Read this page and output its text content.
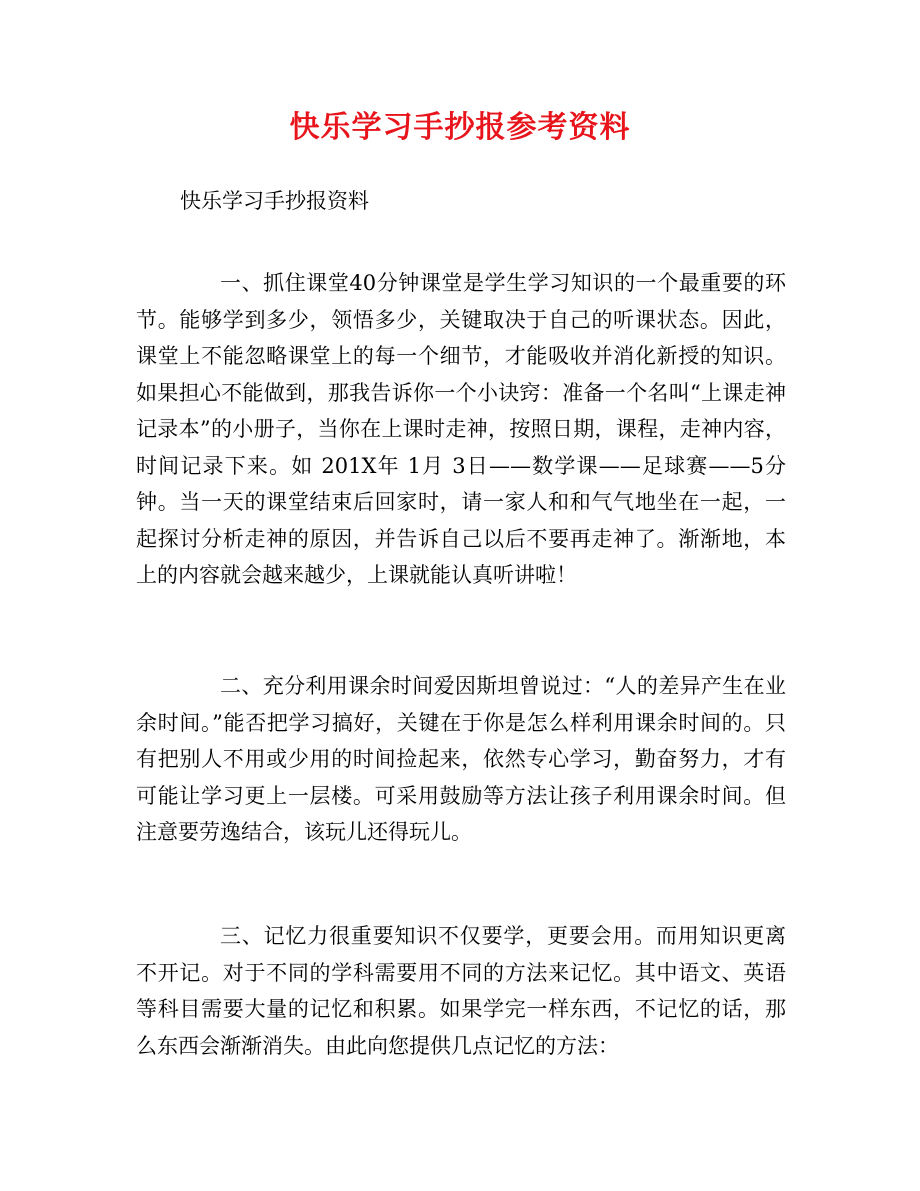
快乐学习手抄报参考资料
快乐学习手抄报资料
一、抓住课堂40分钟课堂是学生学习知识的一个最重要的环节。能够学到多少，领悟多少，关键取决于自己的听课状态。因此，课堂上不能忽略课堂上的每一个细节，才能吸收并消化新授的知识。如果担心不能做到，那我告诉你一个小诀窍：准备一个名叫“上课走神记录本”的小册子，当你在上课时走神，按照日期，课程，走神内容，时间记录下来。如 201X年 1月 3日——数学课——足球赛——5分钟。当一天的课堂结束后回家时，请一家人和和气气地坐在一起，一起探讨分析走神的原因，并告诉自己以后不要再走神了。渐渐地，本上的内容就会越来越少，上课就能认真听讲啦！
二、充分利用课余时间爱因斯坦曾说过：“人的差异产生在业余时间。”能否把学习搞好，关键在于你是怎么样利用课余时间的。只有把别人不用或少用的时间捡起来，依然专心学习，勤奋努力，才有可能让学习更上一层楼。可采用鼓励等方法让孩子利用课余时间。但注意要劳逸结合，该玩儿还得玩儿。
三、记忆力很重要知识不仅要学，更要会用。而用知识更离不开记。对于不同的学科需要用不同的方法来记忆。其中语文、英语等科目需要大量的记忆和积累。如果学完一样东西，不记忆的话，那么东西会渐渐消失。由此向您提供几点记忆的方法：
